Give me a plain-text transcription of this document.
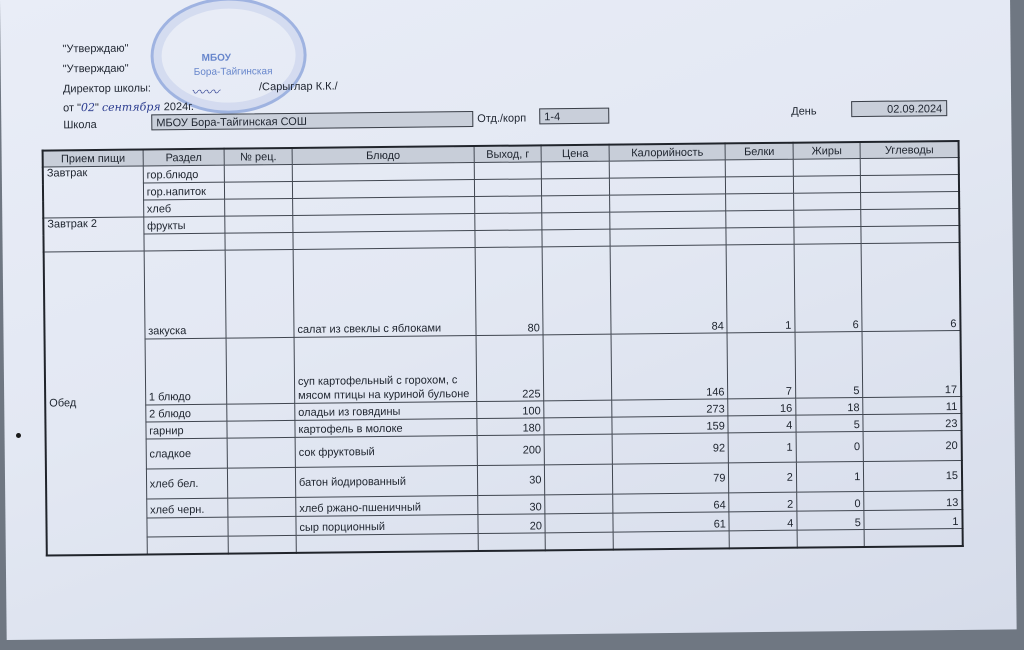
МБОУ
Бора-Тайгинская
"Утверждаю"
"Утверждаю"
Директор школы:	〰〰	/Сарыглар К.К./
от "02" сентября 2024г.
Школа	МБОУ Бора-Тайгинская СОШ	Отд./корп	1-4	День	02.09.2024
Прием пищи	Раздел	№ рец.	Блюдо	Выход, г	Цена	Калорийность	Белки	Жиры	Углеводы
Завтрак	гор.блюдо								
	гор.напиток								
	хлеб								
Завтрак 2	фрукты								

Обед	закуска		салат из свеклы с яблоками	80		84	1	6	6
	1 блюдо		суп картофельный с горохом, с мясом птицы на куриной бульоне	225		146	7	5	17
	2 блюдо		оладьи из говядины	100		273	16	18	11
	гарнир		картофель в молоке	180		159	4	5	23
	сладкое		сок фруктовый	200		92	1	0	20
	хлеб бел.		батон йодированный	30		79	2	1	15
	хлеб черн.		хлеб ржано-пшеничный	30		64	2	0	13
			сыр порционный	20		61	4	5	1
